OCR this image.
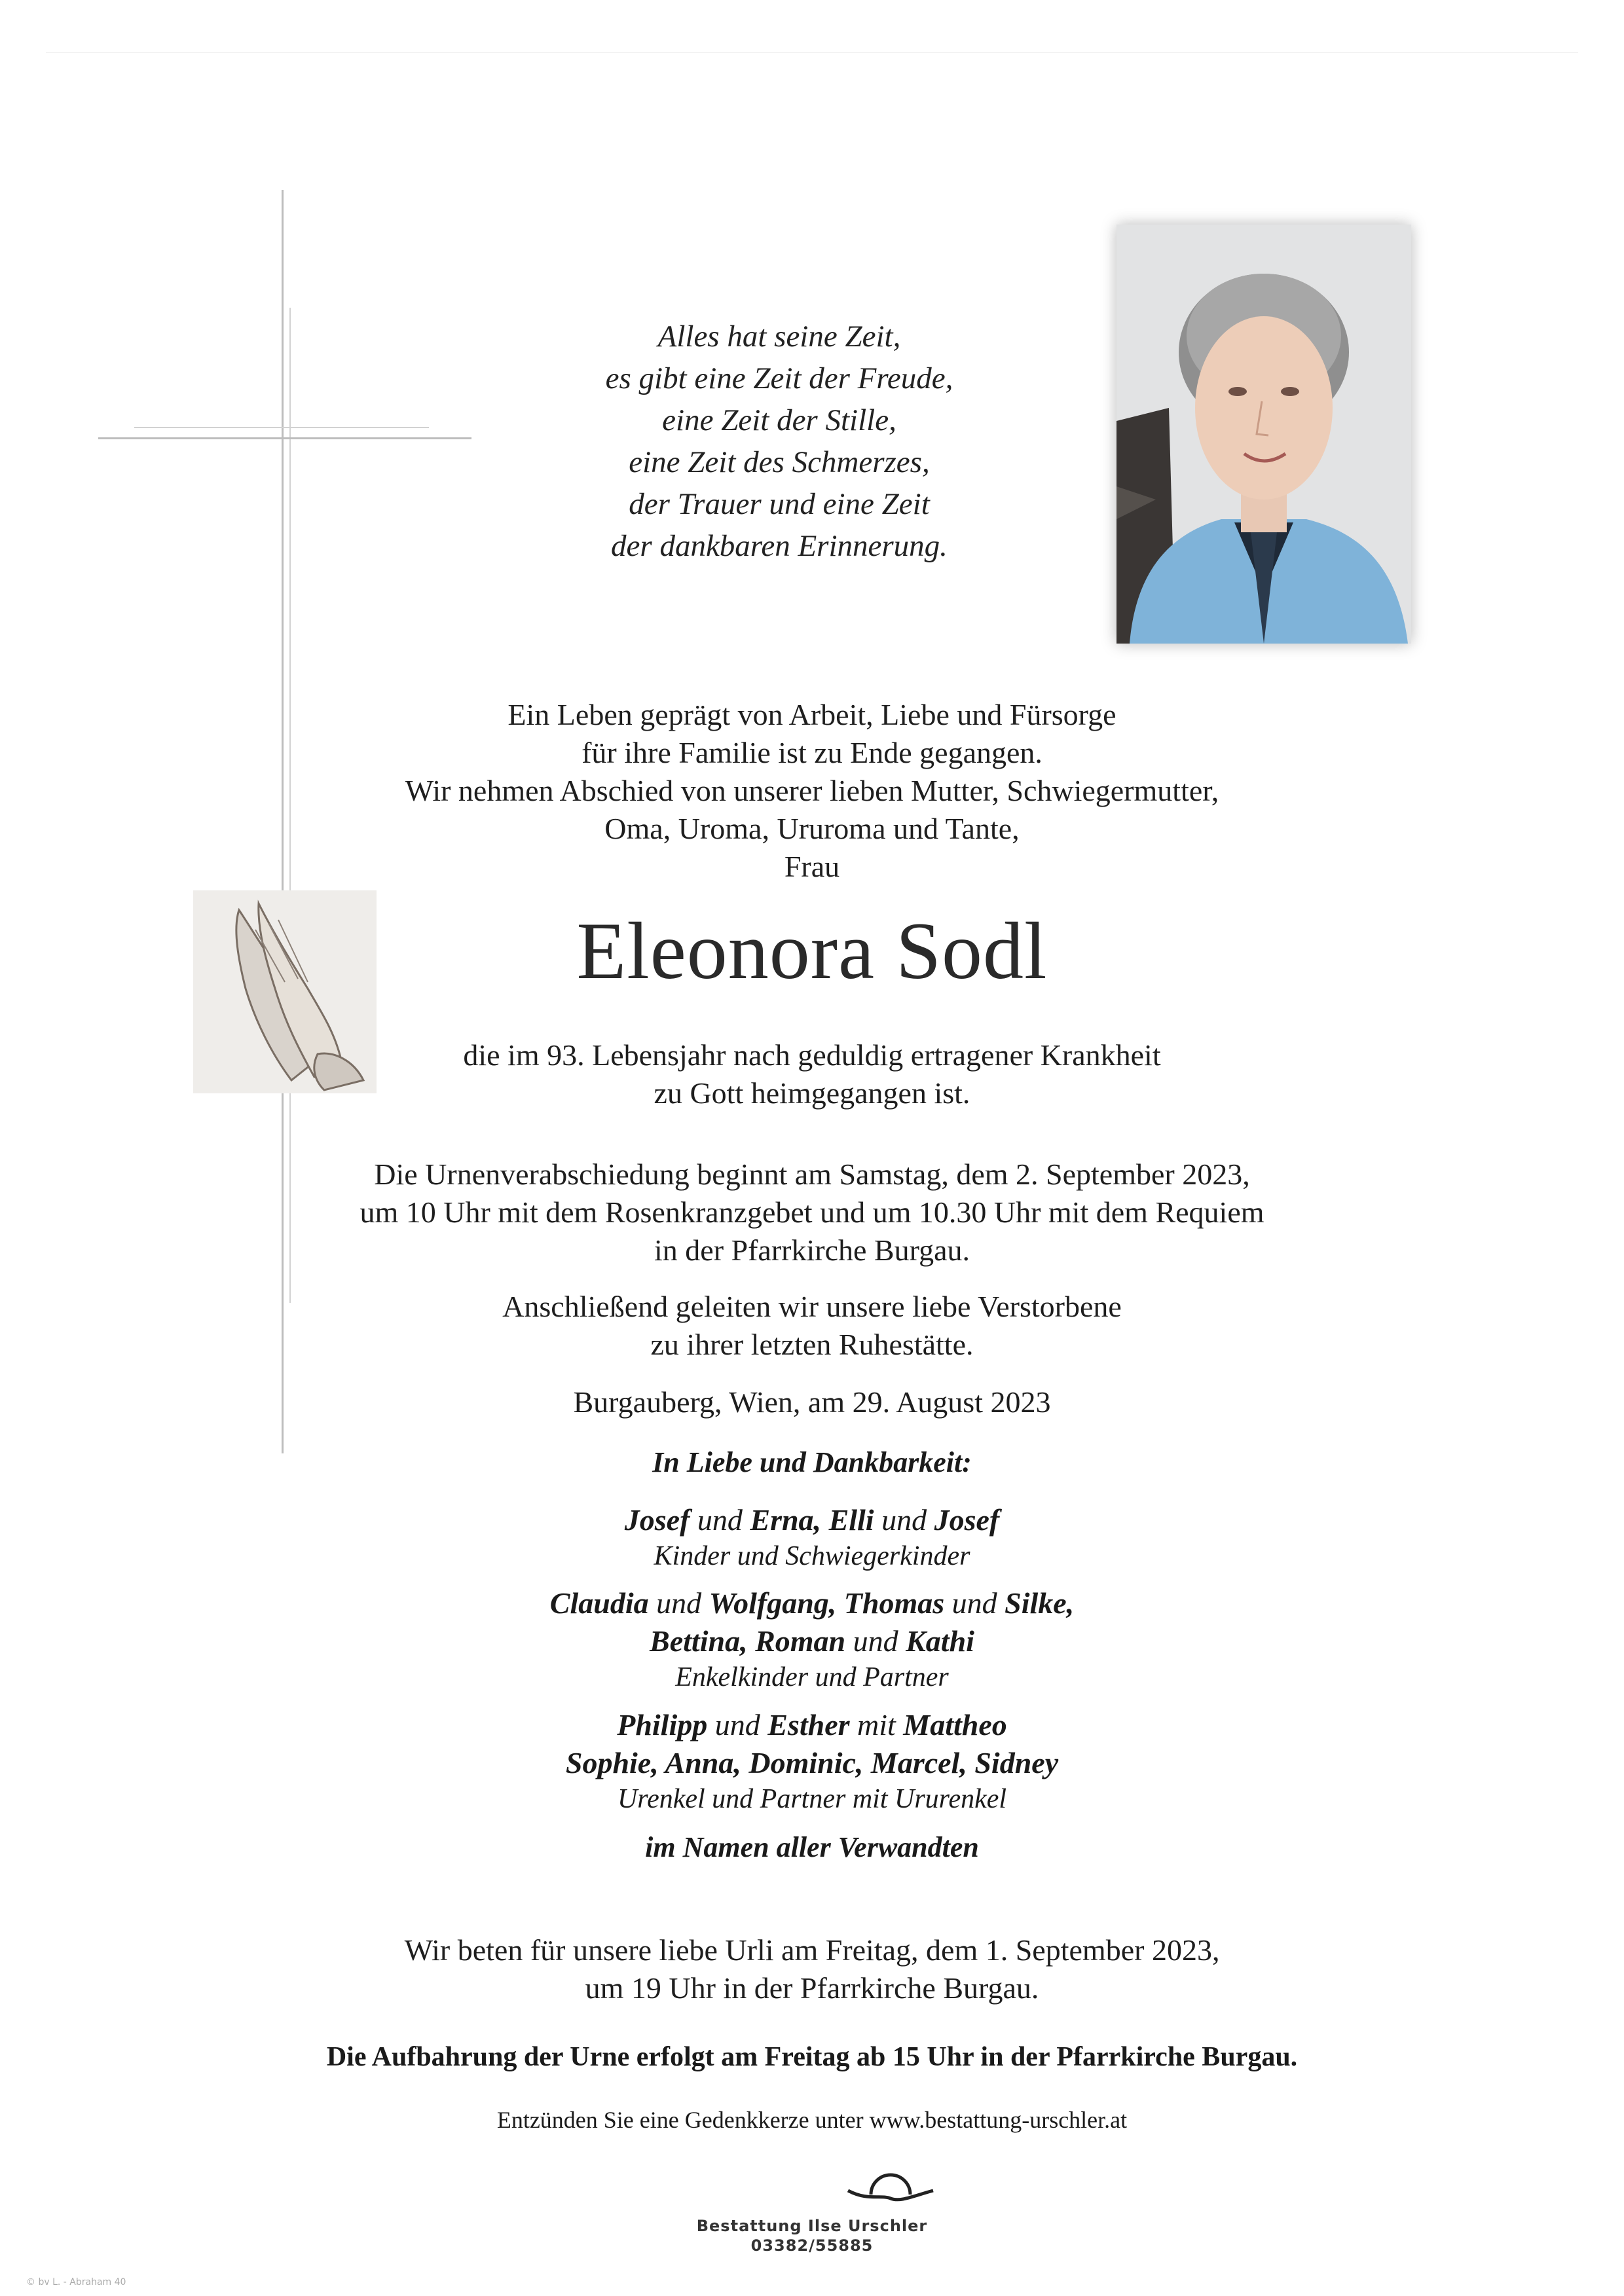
Alles hat seine Zeit,
es gibt eine Zeit der Freude,
eine Zeit der Stille,
eine Zeit des Schmerzes,
der Trauer und eine Zeit
der dankbaren Erinnerung.
Ein Leben geprägt von Arbeit, Liebe und Fürsorge
für ihre Familie ist zu Ende gegangen.
Wir nehmen Abschied von unserer lieben Mutter, Schwiegermutter,
Oma, Uroma, Ururoma und Tante,
Frau
Eleonora Sodl
die im 93. Lebensjahr nach geduldig ertragener Krankheit
zu Gott heimgegangen ist.
Die Urnenverabschiedung beginnt am Samstag, dem 2. September 2023,
um 10 Uhr mit dem Rosenkranzgebet und um 10.30 Uhr mit dem Requiem
in der Pfarrkirche Burgau.
Anschließend geleiten wir unsere liebe Verstorbene
zu ihrer letzten Ruhestätte.
Burgauberg, Wien, am 29. August 2023
In Liebe und Dankbarkeit:
Josef und Erna, Elli und Josef
Kinder und Schwiegerkinder
Claudia und Wolfgang, Thomas und Silke,
Bettina, Roman und Kathi
Enkelkinder und Partner
Philipp und Esther mit Mattheo
Sophie, Anna, Dominic, Marcel, Sidney
Urenkel und Partner mit Ururenkel
im Namen aller Verwandten
Wir beten für unsere liebe Urli am Freitag, dem 1. September 2023,
um 19 Uhr in der Pfarrkirche Burgau.
Die Aufbahrung der Urne erfolgt am Freitag ab 15 Uhr in der Pfarrkirche Burgau.
Entzünden Sie eine Gedenkkerze unter www.bestattung-urschler.at
Bestattung Ilse Urschler
03382/55885
© bv L. - Abraham 40
